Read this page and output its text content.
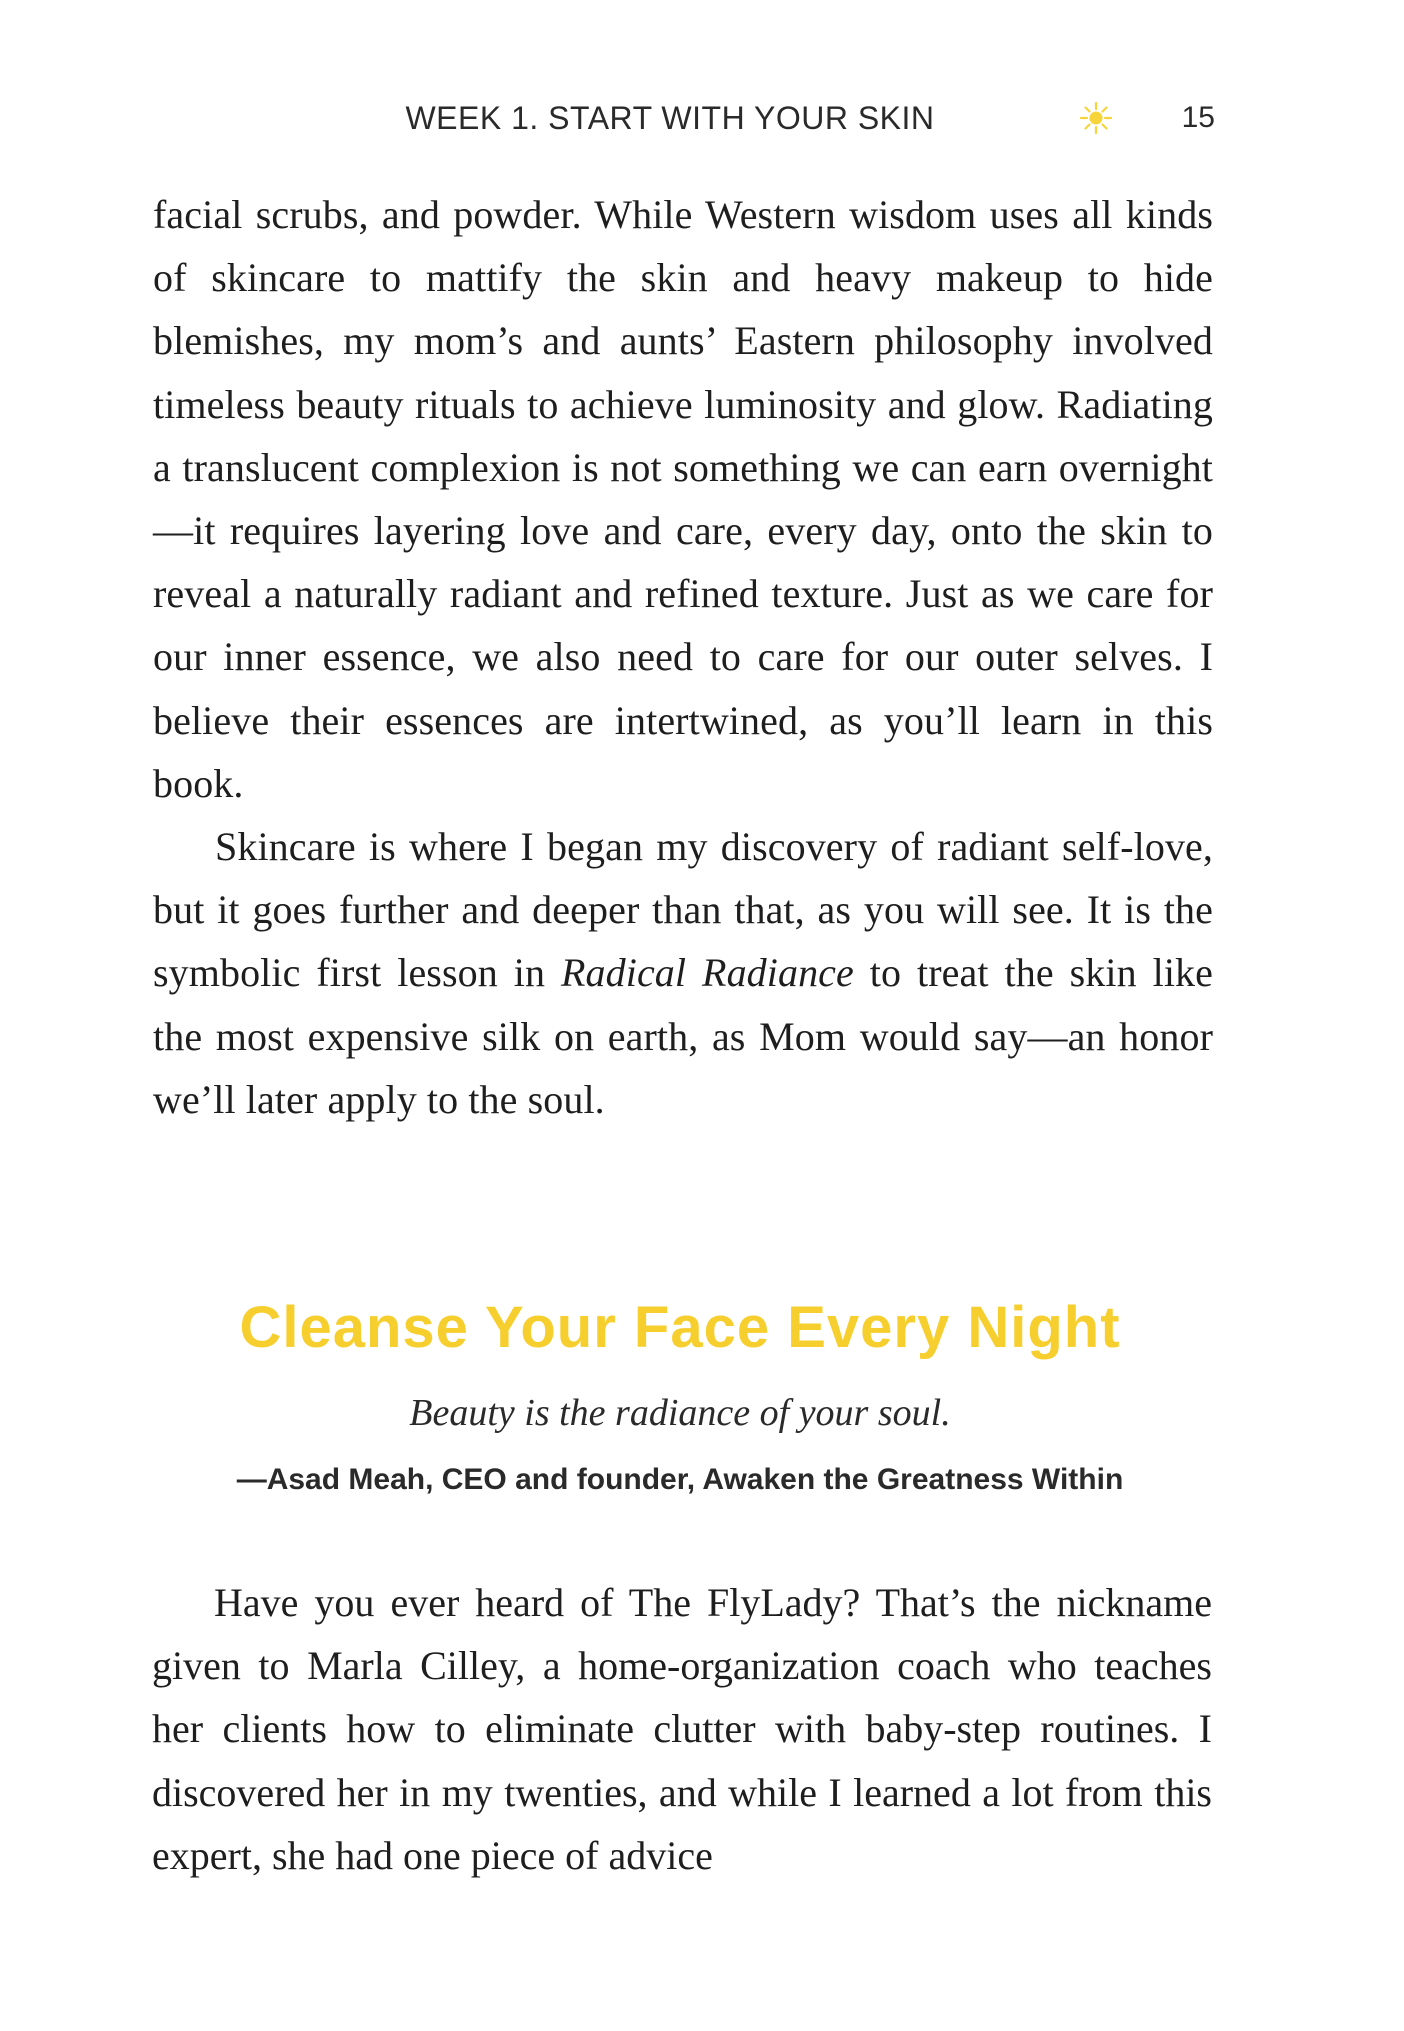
WEEK 1. START WITH YOUR SKIN	15

facial scrubs, and powder. While Western wisdom uses all kinds of skincare to mattify the skin and heavy makeup to hide blemishes, my mom’s and aunts’ Eastern philosophy involved timeless beauty rituals to achieve luminosity and glow. Radiating a translucent complexion is not something we can earn overnight—it requires layering love and care, every day, onto the skin to reveal a naturally radiant and refined texture. Just as we care for our inner essence, we also need to care for our outer selves. I believe their essences are intertwined, as you’ll learn in this book.

Skincare is where I began my discovery of radiant self-love, but it goes further and deeper than that, as you will see. It is the symbolic first lesson in Radical Radiance to treat the skin like the most expensive silk on earth, as Mom would say—an honor we’ll later apply to the soul.

Cleanse Your Face Every Night
Beauty is the radiance of your soul.
—Asad Meah, CEO and founder, Awaken the Greatness Within

Have you ever heard of The FlyLady? That’s the nickname given to Marla Cilley, a home-organization coach who teaches her clients how to eliminate clutter with baby-step routines. I discovered her in my twenties, and while I learned a lot from this expert, she had one piece of advice
